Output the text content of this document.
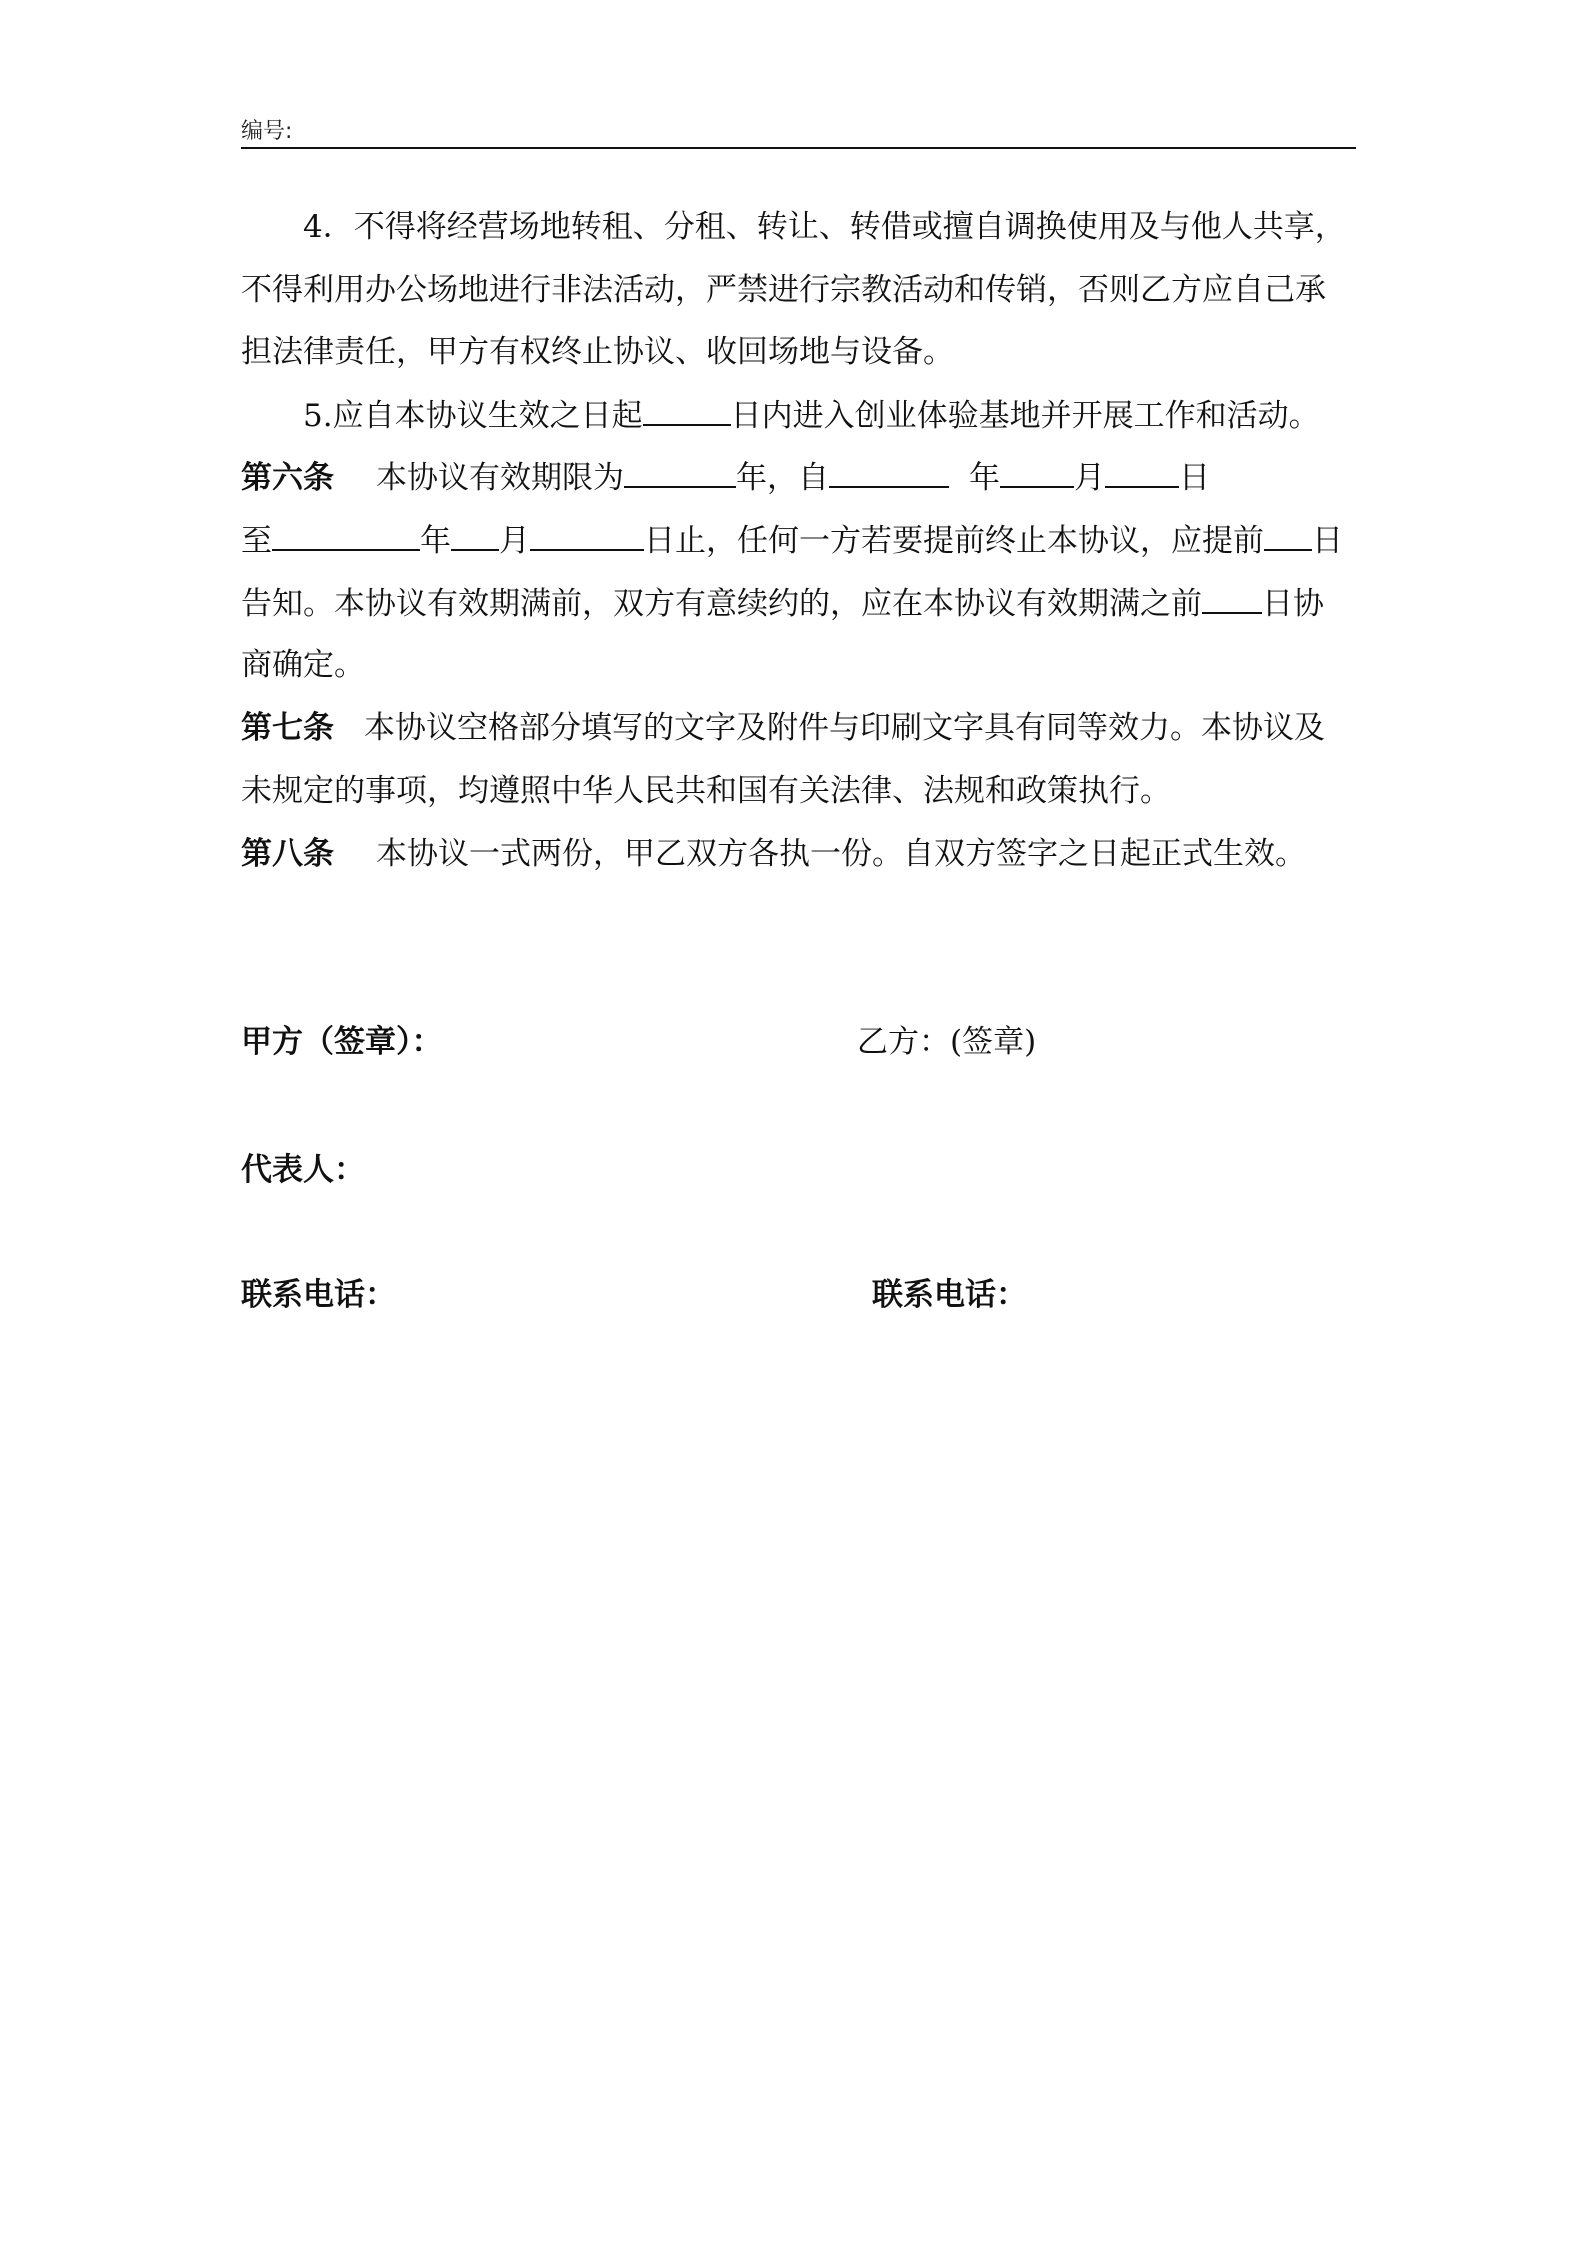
编号:
4．不得将经营场地转租、分租、转让、转借或擅自调换使用及与他人共享，
不得利用办公场地进行非法活动，严禁进行宗教活动和传销，否则乙方应自己承
担法律责任，甲方有权终止协议、收回场地与设备。
5.应自本协议生效之日起	日内进入创业体验基地并开展工作和活动。
第六条 本协议有效期限为	年，自	年 月 日
至	年 月	日止，任何一方若要提前终止本协议，应提前 日
告知。本协议有效期满前，双方有意续约的，应在本协议有效期满之前 日协
商确定。
第七条 本协议空格部分填写的文字及附件与印刷文字具有同等效力。本协议及
未规定的事项，均遵照中华人民共和国有关法律、法规和政策执行。
第八条 本协议一式两份，甲乙双方各执一份。自双方签字之日起正式生效。
甲方（签章）：	乙方：(签章)
代表人：
联系电话：	联系电话：
